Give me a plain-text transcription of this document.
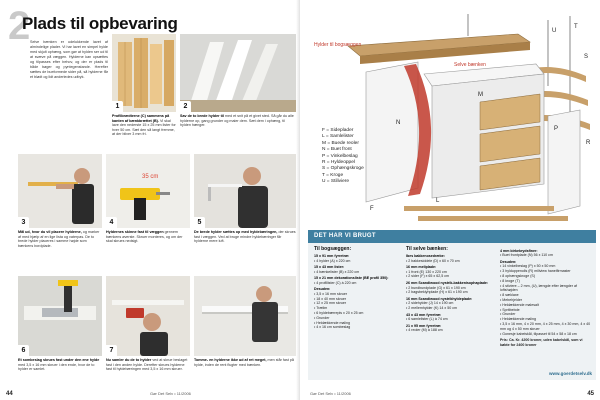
2
Plads til opbevaring
Selve bænken er udelukkende lavet af almindelige plader. Vi har lavet en simpel hylde med skjult ophæng, som gør at hylden ser ud til at svæve på væggen. Hylderne kan opsættes og tilpasses efter behov, og der er plads til både bøger og pyntegenstande. Herefter sættes de bueformede sider på, så hylderne får et blødt og lidt anderledes udtryk.
1
Profilbrædterne (C) sammens på kanten af bænkbrættet (B). Vi skal lave den nederste 15 x 25 mm lister for hver 50 cm. Sæt den så langt fremme, at der bliver 3 mm fri.
2
Sav de to brede hylder til med et snit på et givet sted. Så går du alle hylderne op, gang grunder og maler dem. Sæt dem i ophæng, til hylden hænger.
3
Mål ud, hvor du vil placere hylderne, og marker af med hjælp af en lige lista og vaterpas. De to brede hylder placeres i samme højde som bænkens bordplade.
35 cm
4
Hyldernes skinne fast til væggen gennem bænkens øverste. Skruer monteres, og om der skal skrues nedsigt.
5
De brede hylder sættes op med hyldebæringen, der skrues fast i væggen. Ved at bruge mindre hyldebæringer får hylderne mere luft.
6
Et sombeslag skrues fast under den ene hylde med 3,5 x 16 mm skruer i den ende, hvor de to hylder er samlet.
7
Nu samler du de to hylder ved at skrue beslaget fast i den anden hylde. Derefter skrues hylderne fast til hyldebæringen med 3,5 x 16 mm skruer.
Tomme- en hylderne ikke ud af ret meget, men står fast på hylde, inden de rent flugter med bænken.
44	Gør Det Selv • 11/2006
Hylder til bogsæggen
Selve bænken
U
T
S
R
P
N
M
L
F
F = Sideplader
L = Samlelister
M = Buede reoler
N = Buet front
P = Vinkelbeslag
R = Hyldeoppel
S = Ophængskroge
T = Kroge
U = Stiliviere
DET HAR VI BRUGT
Til bogsæggen:
15 x 91 mm fyrretræ:
• 4 hylder (A) x 220 cm
15 x 43 mm lister:
• 4 bænkelister (B) x 220 cm
15 x 21 mm dekorationsliste (BE profil 350):
• 4 profillister (C) à 220 cm
Desuden:
• 3,5 x 16 mm skruer
• 18 x 40 mm skruer
• 12 x 25 mm skruer
• Trælim
• 6 hyldebærrepls x 20 x 25 cm
• Grunder
• Heldækkende maling
• 4 x 16 cm sombeslag
Til selve bænken:
Ibes bakkenosedræbe:
• 2 bakkesiddele (D) x 60 x 70 cm
16 mm meliplade:
• 1 front (E) 130 x 220 cm
• 2 sider (F) x 65 x 62,5 cm
26 mm Scandiwood nystrik-bakkenisophaplade:
• 2 bundbundplade (G) x 61 x 190 cm
• 2 bagsbeklyhplade (H) x 61 x 190 cm
16 mm Scandiwood nystrikhyldeplade:
• 2 sidehylder (J) 14 x 190 cm
• 2 mellemhylder (K) 14 x 50 cm
43 x 43 mm fyrretræ:
• 6 samlelister (L) à 74 cm
21 x 95 mm fyrretræ:
• 4 reoler (M) à 188 cm
4 mm birkekrydsfiner:
• Buet frontplade (N) 56 x 110 cm
Desuden:
• 14 vinkelbeslag (P) x 50 x 50 mm
• 3 hylduppenolls (R) miliview hanelfirmaster
• 8 ophængskroge (S)
• 8 kroge (T)
• 4 stiviere – 2 mm, (U), længde efter længder af loftshøjden
• 8 sæklaxe
• Mebehjelder
• Heldækkende malesalt
• Spritbebde
• Grunder
• Heldækkende maling
• 3,5 x 16 mm, 4 x 20 mm, 4 x 25 mm, 4 x 30 mm, 4 x 40 mm og 4 x 50 mm skruer
• Gonesje kabelskål, tilpasset til 54 x 58 x 18 cm
Pris: Ca. Kr. 4200 kroner, uden kabelskål, som vi købte for 2400 kroner
www.goerdetselv.dk
Gør Det Selv • 11/2006	45
